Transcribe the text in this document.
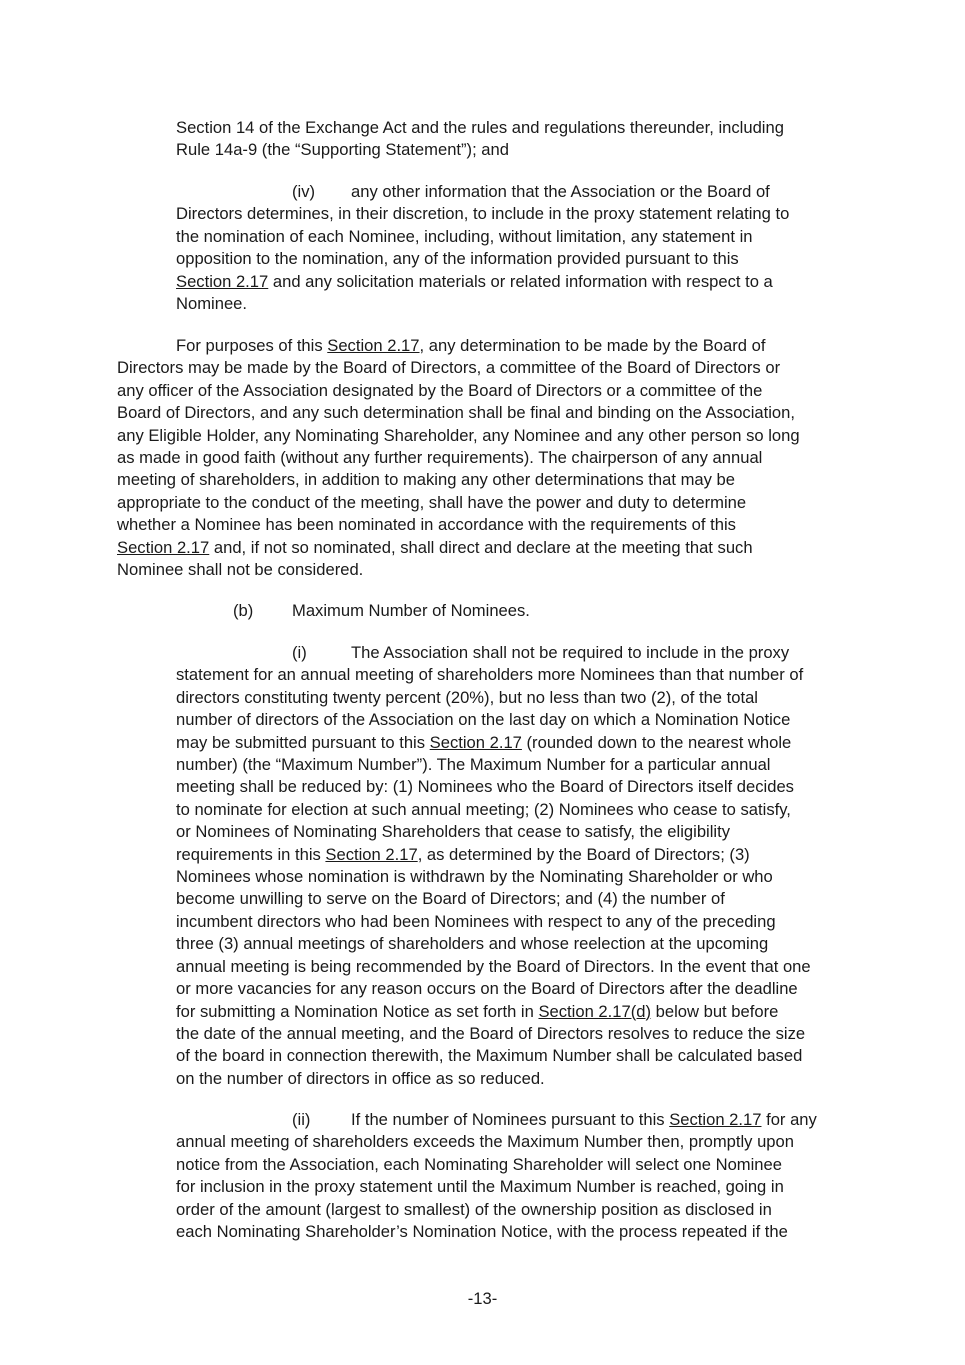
Section 14 of the Exchange Act and the rules and regulations thereunder, including
Rule 14a-9 (the “Supporting Statement”); and
(iv) any other information that the Association or the Board of
Directors determines, in their discretion, to include in the proxy statement relating to
the nomination of each Nominee, including, without limitation, any statement in
opposition to the nomination, any of the information provided pursuant to this
Section 2.17 and any solicitation materials or related information with respect to a
Nominee.
For purposes of this Section 2.17, any determination to be made by the Board of
Directors may be made by the Board of Directors, a committee of the Board of Directors or
any officer of the Association designated by the Board of Directors or a committee of the
Board of Directors, and any such determination shall be final and binding on the Association,
any Eligible Holder, any Nominating Shareholder, any Nominee and any other person so long
as made in good faith (without any further requirements). The chairperson of any annual
meeting of shareholders, in addition to making any other determinations that may be
appropriate to the conduct of the meeting, shall have the power and duty to determine
whether a Nominee has been nominated in accordance with the requirements of this
Section 2.17 and, if not so nominated, shall direct and declare at the meeting that such
Nominee shall not be considered.
(b) Maximum Number of Nominees.
(i)	The Association shall not be required to include in the proxy
statement for an annual meeting of shareholders more Nominees than that number of
directors constituting twenty percent (20%), but no less than two (2), of the total
number of directors of the Association on the last day on which a Nomination Notice
may be submitted pursuant to this Section 2.17 (rounded down to the nearest whole
number) (the “Maximum Number”). The Maximum Number for a particular annual
meeting shall be reduced by: (1) Nominees who the Board of Directors itself decides
to nominate for election at such annual meeting; (2) Nominees who cease to satisfy,
or Nominees of Nominating Shareholders that cease to satisfy, the eligibility
requirements in this Section 2.17, as determined by the Board of Directors; (3)
Nominees whose nomination is withdrawn by the Nominating Shareholder or who
become unwilling to serve on the Board of Directors; and (4) the number of
incumbent directors who had been Nominees with respect to any of the preceding
three (3) annual meetings of shareholders and whose reelection at the upcoming
annual meeting is being recommended by the Board of Directors. In the event that one
or more vacancies for any reason occurs on the Board of Directors after the deadline
for submitting a Nomination Notice as set forth in Section 2.17(d) below but before
the date of the annual meeting, and the Board of Directors resolves to reduce the size
of the board in connection therewith, the Maximum Number shall be calculated based
on the number of directors in office as so reduced.
(ii) If the number of Nominees pursuant to this Section 2.17 for any
annual meeting of shareholders exceeds the Maximum Number then, promptly upon
notice from the Association, each Nominating Shareholder will select one Nominee
for inclusion in the proxy statement until the Maximum Number is reached, going in
order of the amount (largest to smallest) of the ownership position as disclosed in
each Nominating Shareholder’s Nomination Notice, with the process repeated if the
-13-
